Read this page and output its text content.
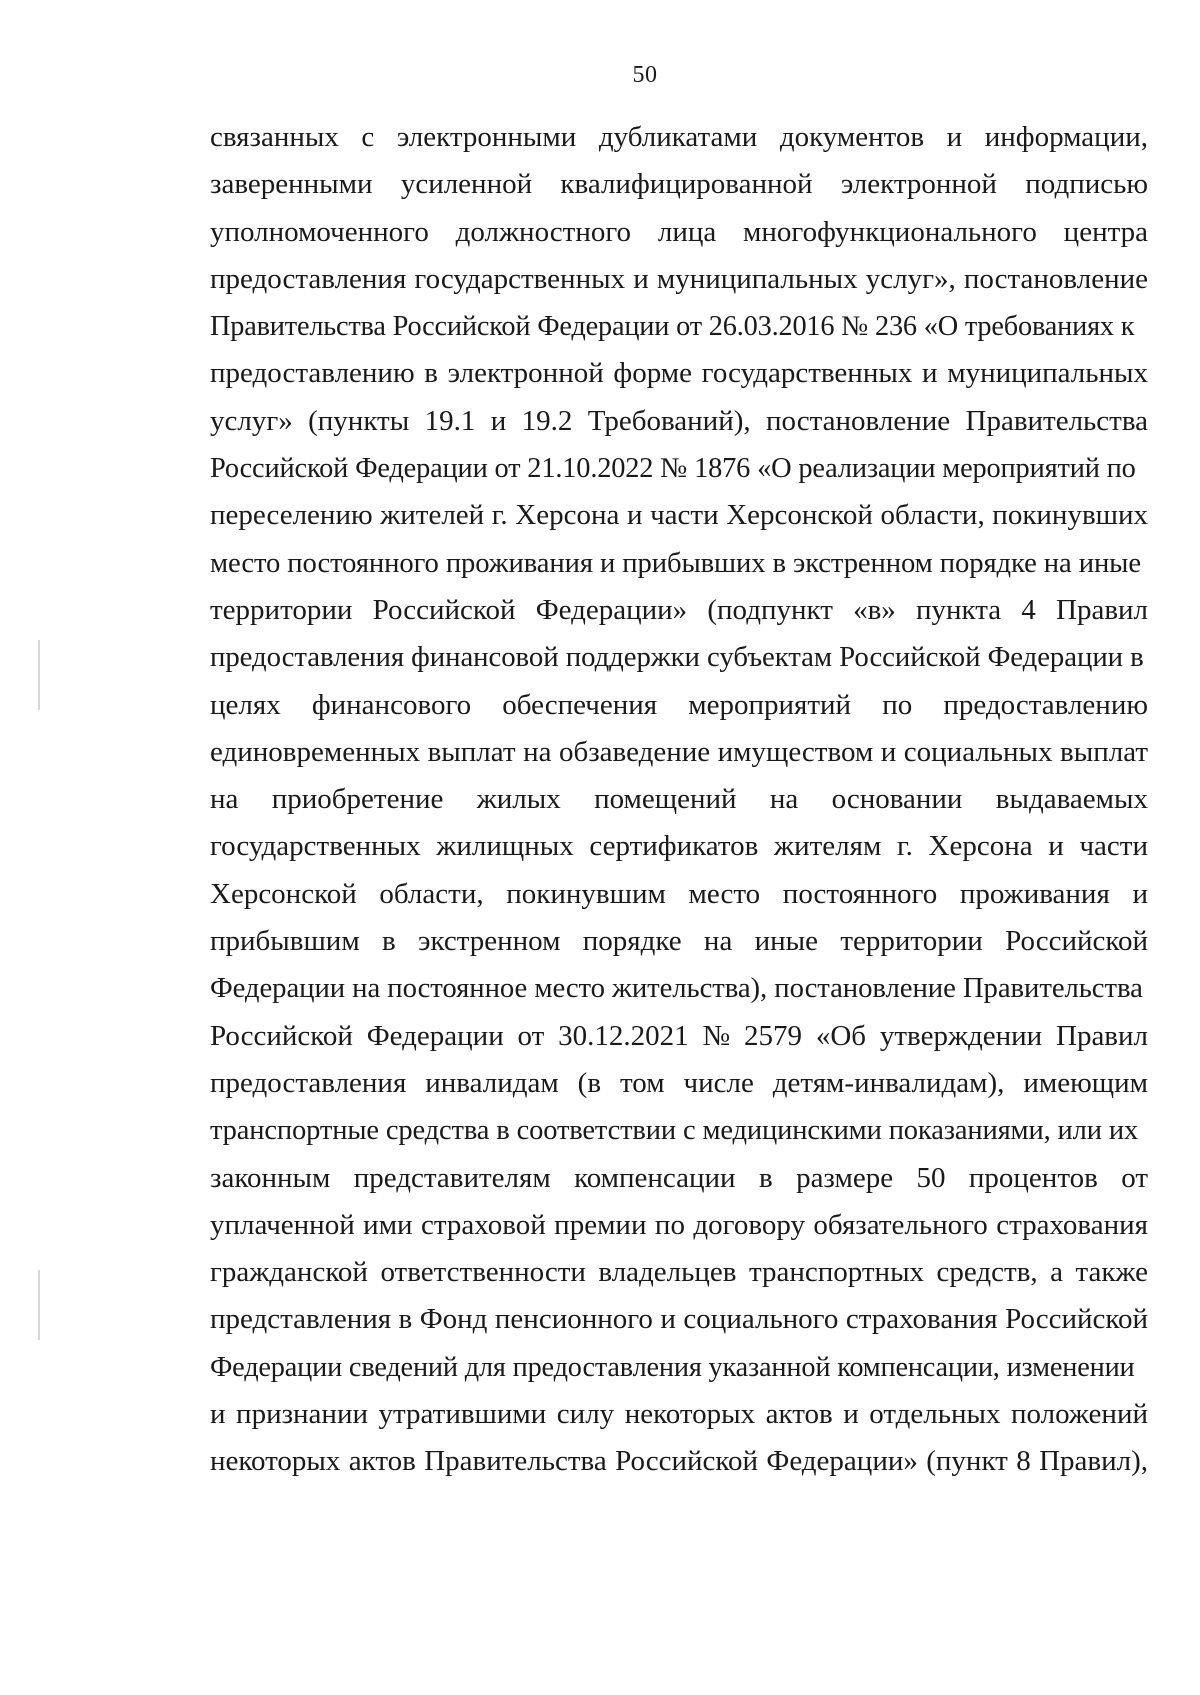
50
связанных с электронными дубликатами документов и информации,
заверенными усиленной квалифицированной электронной подписью
уполномоченного должностного лица многофункционального центра
предоставления государственных и муниципальных услуг», постановление
Правительства Российской Федерации от 26.03.2016 № 236 «О требованиях к
предоставлению в электронной форме государственных и муниципальных
услуг» (пункты 19.1 и 19.2 Требований), постановление Правительства
Российской Федерации от 21.10.2022 № 1876 «О реализации мероприятий по
переселению жителей г. Херсона и части Херсонской области, покинувших
место постоянного проживания и прибывших в экстренном порядке на иные
территории Российской Федерации» (подпункт «в» пункта 4 Правил
предоставления финансовой поддержки субъектам Российской Федерации в
целях финансового обеспечения мероприятий по предоставлению
единовременных выплат на обзаведение имуществом и социальных выплат
на приобретение жилых помещений на основании выдаваемых
государственных жилищных сертификатов жителям г. Херсона и части
Херсонской области, покинувшим место постоянного проживания и
прибывшим в экстренном порядке на иные территории Российской
Федерации на постоянное место жительства), постановление Правительства
Российской Федерации от 30.12.2021 № 2579 «Об утверждении Правил
предоставления инвалидам (в том числе детям-инвалидам), имеющим
транспортные средства в соответствии с медицинскими показаниями, или их
законным представителям компенсации в размере 50 процентов от
уплаченной ими страховой премии по договору обязательного страхования
гражданской ответственности владельцев транспортных средств, а также
представления в Фонд пенсионного и социального страхования Российской
Федерации сведений для предоставления указанной компенсации, изменении
и признании утратившими силу некоторых актов и отдельных положений
некоторых актов Правительства Российской Федерации» (пункт 8 Правил),
